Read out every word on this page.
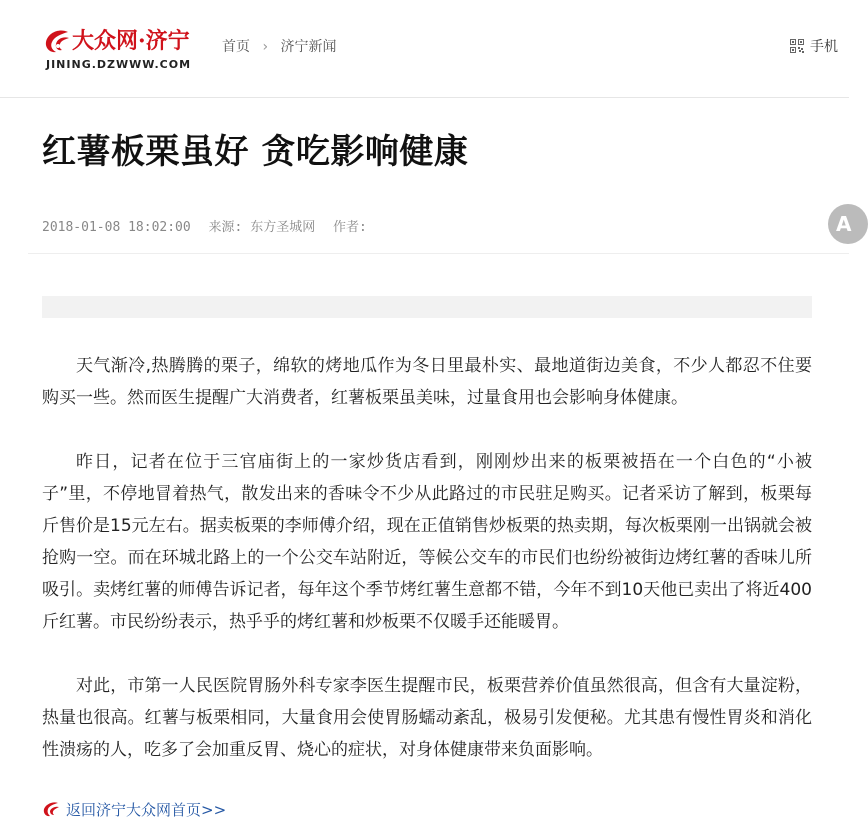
大众网·济宁
JINING.DZWWW.COM
首页 › 济宁新闻	手机
红薯板栗虽好 贪吃影响健康
2018-01-08 18:02:00 来源: 东方圣城网 作者:	A

天气渐冷,热腾腾的栗子，绵软的烤地瓜作为冬日里最朴实、最地道街边美食，不少人都忍不住要购买一些。然而医生提醒广大消费者，红薯板栗虽美味，过量食用也会影响身体健康。

昨日，记者在位于三官庙街上的一家炒货店看到，刚刚炒出来的板栗被捂在一个白色的“小被子”里，不停地冒着热气，散发出来的香味令不少从此路过的市民驻足购买。记者采访了解到，板栗每斤售价是15元左右。据卖板栗的李师傅介绍，现在正值销售炒板栗的热卖期，每次板栗刚一出锅就会被抢购一空。而在环城北路上的一个公交车站附近，等候公交车的市民们也纷纷被街边烤红薯的香味儿所吸引。卖烤红薯的师傅告诉记者，每年这个季节烤红薯生意都不错，今年不到10天他已卖出了将近400斤红薯。市民纷纷表示，热乎乎的烤红薯和炒板栗不仅暖手还能暖胃。

对此，市第一人民医院胃肠外科专家李医生提醒市民，板栗营养价值虽然很高，但含有大量淀粉，热量也很高。红薯与板栗相同，大量食用会使胃肠蠕动紊乱，极易引发便秘。尤其患有慢性胃炎和消化性溃疡的人，吃多了会加重反胃、烧心的症状，对身体健康带来负面影响。

返回济宁大众网首页>>
